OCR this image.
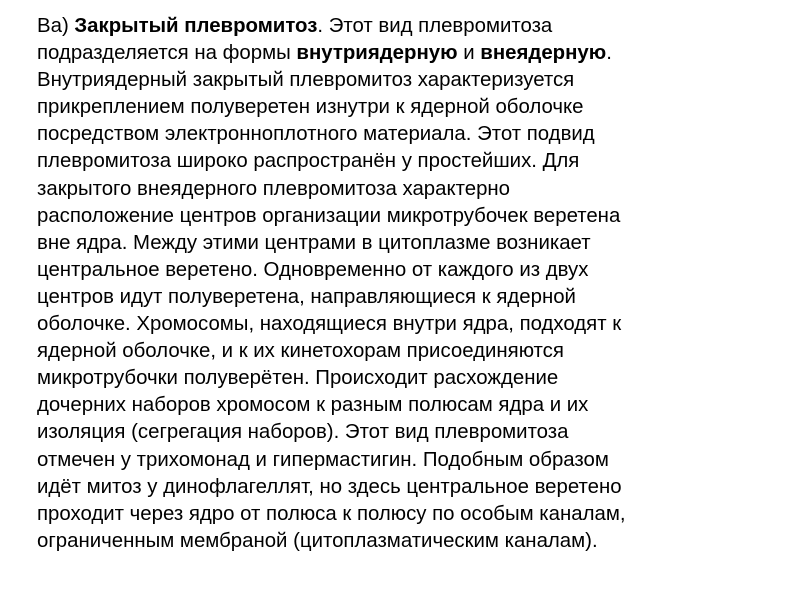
Ва) Закрытый плевромитоз. Этот вид плевромитоза
подразделяется на формы внутриядерную и внеядерную.
Внутриядерный закрытый плевромитоз характеризуется
прикреплением полуверетен изнутри к ядерной оболочке
посредством электронноплотного материала. Этот подвид
плевромитоза широко распространён у простейших. Для
закрытого внеядерного плевромитоза характерно
расположение центров организации микротрубочек веретена
вне ядра. Между этими центрами в цитоплазме возникает
центральное веретено. Одновременно от каждого из двух
центров идут полуверетена, направляющиеся к ядерной
оболочке. Хромосомы, находящиеся внутри ядра, подходят к
ядерной оболочке, и к их кинетохорам присоединяются
микротрубочки полуверётен. Происходит расхождение
дочерних наборов хромосом к разным полюсам ядра и их
изоляция (сегрегация наборов). Этот вид плевромитоза
отмечен у трихомонад и гипермастигин. Подобным образом
идёт митоз у динофлагеллят, но здесь центральное веретено
проходит через ядро от полюса к полюсу по особым каналам,
ограниченным мембраной (цитоплазматическим каналам).
